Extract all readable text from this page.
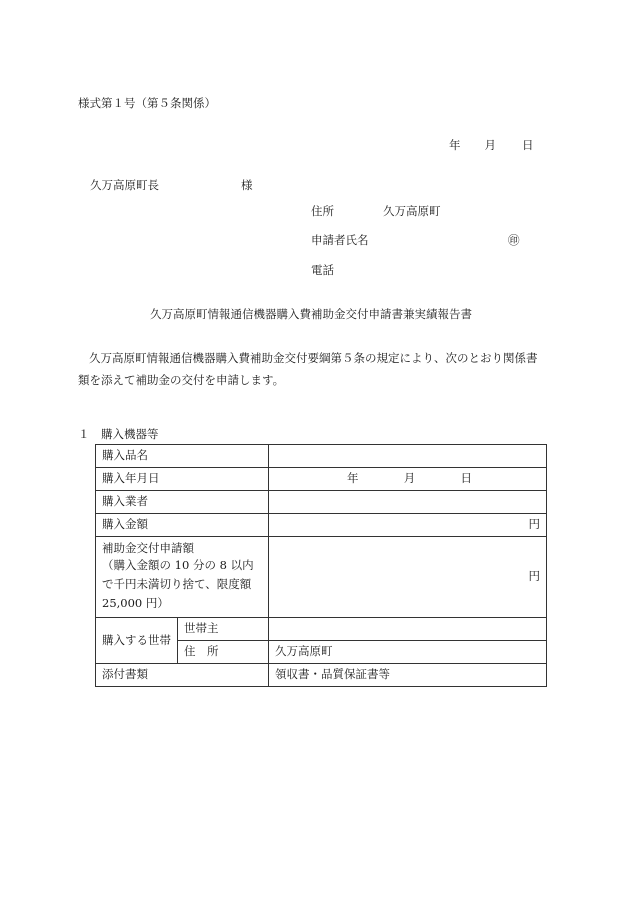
様式第１号（第５条関係）
年 月 日
久万高原町長	様
住所	久万高原町
申請者氏名	㊞
電話
久万高原町情報通信機器購入費補助金交付申請書兼実績報告書
久万高原町情報通信機器購入費補助金交付要綱第５条の規定により、次のとおり関係書類を添えて補助金の交付を申請します。
１　購入機器等
購入品名		
購入年月日		年 月 日

購入業者		
購入金額		円

補助金交付申請額
（購入金額の 10 分の 8 以内で千円未満切り捨て、限度額 25,000 円）		円
購入する世帯	世帯主	
	住　所	久万高原町
添付書類		領収書・品質保証書等
